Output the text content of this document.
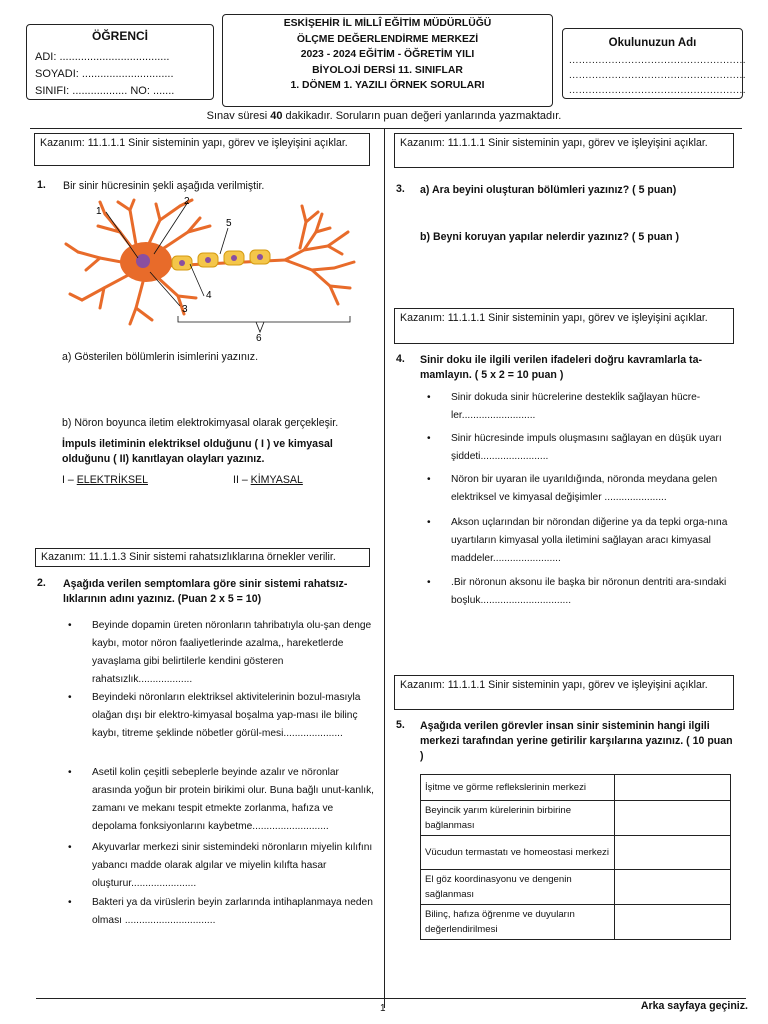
ÖĞRENCİ
ADI: ....................................
SOYADI: ..............................
SINIFI: .................. NO: .......
ESKİŞEHİR İL MİLLÎ EĞİTİM MÜDÜRLÜĞÜ
ÖLÇME DEĞERLENDİRME MERKEZİ
2023 - 2024 EĞİTİM - ÖĞRETİM YILI
BİYOLOJİ DERSİ 11. SINIFLAR
1. DÖNEM 1. YAZILI ÖRNEK SORULARI
Okulunuzun Adı
......................................................
......................................................
......................................................
Sınav süresi 40 dakikadır. Soruların puan değeri yanlarında yazmaktadır.
Kazanım: 11.1.1.1 Sinir sisteminin yapı, görev ve işleyişini açıklar.
1. Bir sinir hücresinin şekli aşağıda verilmiştir.
1
2
3
4
5
6
a) Gösterilen bölümlerin isimlerini yazınız.
b) Nöron boyunca iletim elektrokimyasal olarak gerçekleşir.
İmpuls iletiminin elektriksel olduğunu ( I ) ve kimyasal olduğunu ( II) kanıtlayan olayları yazınız.
I – ELEKTRİKSEL	II – KİMYASAL
Kazanım: 11.1.1.3 Sinir sistemi rahatsızlıklarına örnekler verilir.
2. Aşağıda verilen semptomlara göre sinir sistemi rahatsız-lıklarının adını yazınız. (Puan 2 x 5 = 10)
• Beyinde dopamin üreten nöronların tahribatıyla olu-şan denge kaybı, motor nöron faaliyetlerinde azalma,, hareketlerde yavaşlama gibi belirtilerle kendini gösteren rahatsızlık...................
• Beyindeki nöronların elektriksel aktivitelerinin bozul-masıyla olağan dışı bir elektro-kimyasal boşalma yap-ması ile bilinç kaybı, titreme şeklinde nöbetler görül-mesi.....................
• Asetil kolin çeşitli sebeplerle beyinde azalır ve nöronlar arasında yoğun bir protein birikimi olur. Buna bağlı unut-kanlık, zamanı ve mekanı tespit etmekte zorlanma, hafıza ve depolama fonksiyonlarını kaybetme...........................
• Akyuvarlar merkezi sinir sistemindeki nöronların miyelin kılıfını yabancı madde olarak algılar ve miyelin kılıfta hasar oluşturur.......................
• Bakteri ya da virüslerin beyin zarlarında intihaplanmaya neden olması ................................
Kazanım: 11.1.1.1 Sinir sisteminin yapı, görev ve işleyişini açıklar.
3. a) Ara beyini oluşturan bölümleri yazınız? ( 5 puan)
b) Beyni koruyan yapılar nelerdir yazınız? ( 5 puan )
Kazanım: 11.1.1.1 Sinir sisteminin yapı, görev ve işleyişini açıklar.
4. Sinir doku ile ilgili verilen ifadeleri doğru kavramlarla ta-mamlayın. ( 5 x 2 = 10 puan )
• Sinir dokuda sinir hücrelerine destekli̇k sağlayan hücre-ler..........................
• Sinir hücresinde impuls oluşmasını sağlayan en düşük uyarı şiddeti........................
• Nöron bir uyaran ile uyarıldığında, nöronda meydana gelen elektriksel ve kimyasal değişimler ......................
• Akson uçlarından bir nörondan diğerine ya da tepki orga-nına uyartıların kimyasal yolla iletimini sağlayan aracı kimyasal maddeler........................
• .Bir nöronun aksonu ile başka bir nöronun dentriti ara-sındaki boşluk................................
Kazanım: 11.1.1.1 Sinir sisteminin yapı, görev ve işleyişini açıklar.
5. Aşağıda verilen görevler insan sinir sisteminin hangi ilgili merkezi tarafından yerine getirilir karşılarına yazınız. ( 10 puan )
İşitme ve görme reflekslerinin merkezi	
Beyincik yarım kürelerinin birbirine bağlanması	
Vücudun termastatı ve homeostasi merkezi	
El göz koordinasyonu ve dengenin sağlanması	
Bilinç, hafıza öğrenme ve duyuların değerlendirilmesi	
1	Arka sayfaya geçiniz.
